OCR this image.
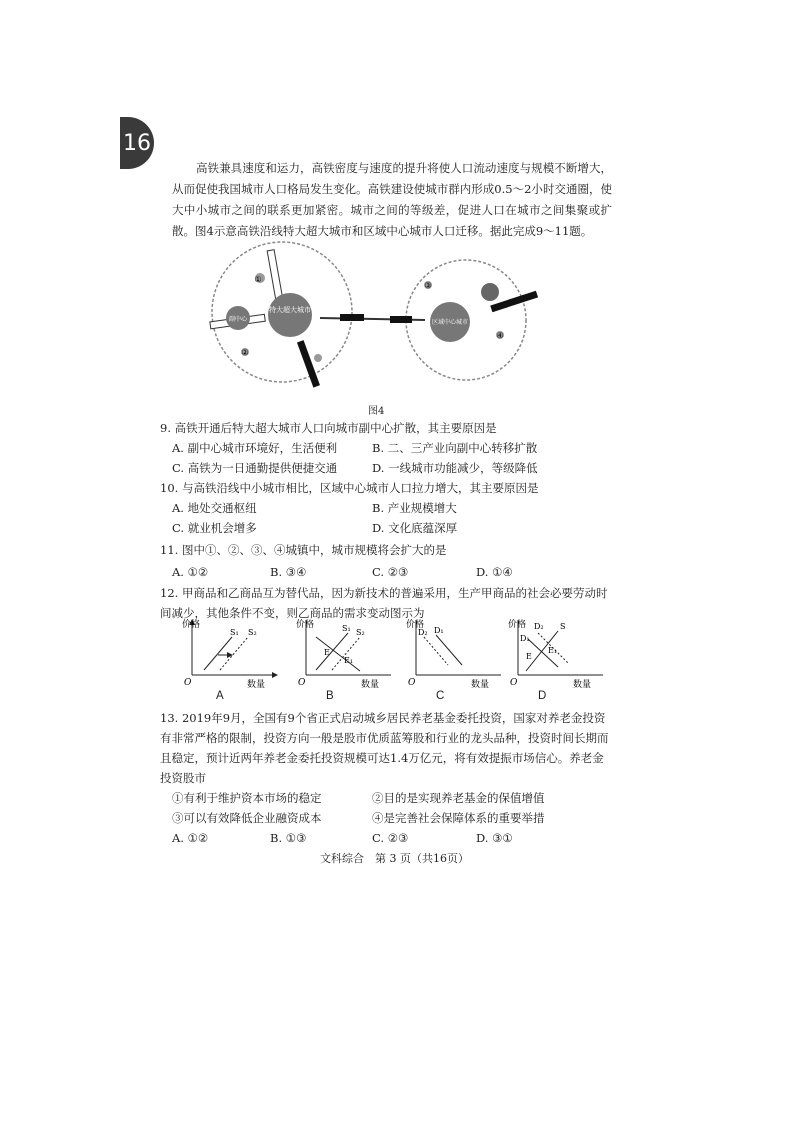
16
高铁兼具速度和运力，高铁密度与速度的提升将使人口流动速度与规模不断增大，从而促使我国城市人口格局发生变化。高铁建设使城市群内形成0.5～2小时交通圈，使大中小城市之间的联系更加紧密。城市之间的等级差，促进人口在城市之间集聚或扩散。图4示意高铁沿线特大超大城市和区域中心城市人口迁移。据此完成9～11题。
特大超大城市
副中心	区域中心城市
①
②
③
④
图4
9. 高铁开通后特大超大城市人口向城市副中心扩散，其主要原因是
A. 副中心城市环境好，生活便利	B. 二、三产业向副中心转移扩散
C. 高铁为一日通勤提供便捷交通	D. 一线城市功能减少，等级降低
10. 与高铁沿线中小城市相比，区域中心城市人口拉力增大，其主要原因是
A. 地处交通枢纽	B. 产业规模增大
C. 就业机会增多	D. 文化底蕴深厚
11. 图中①、②、③、④城镇中，城市规模将会扩大的是
A. ①②	B. ③④	C. ②③	D. ①④
12. 甲商品和乙商品互为替代品，因为新技术的普遍采用，生产甲商品的社会必要劳动时间减少，其他条件不变，则乙商品的需求变动图示为
价格
数量
O
S₁ S₂
A
价格
数量
O
S₁ S₂
E
E₁
B
价格
数量
O
D₂ D₁
C
价格
数量
O
D₂
D₁
S
E
E₁
D
13. 2019年9月，全国有9个省正式启动城乡居民养老基金委托投资，国家对养老金投资有非常严格的限制，投资方向一般是股市优质蓝筹股和行业的龙头品种，投资时间长期而且稳定，预计近两年养老金委托投资规模可达1.4万亿元，将有效提振市场信心。养老金投资股市
①有利于维护资本市场的稳定	②目的是实现养老基金的保值增值
③可以有效降低企业融资成本	④是完善社会保障体系的重要举措
A. ①②	B. ①③	C. ②③	D. ③①
文科综合　第 3 页（共16页）
